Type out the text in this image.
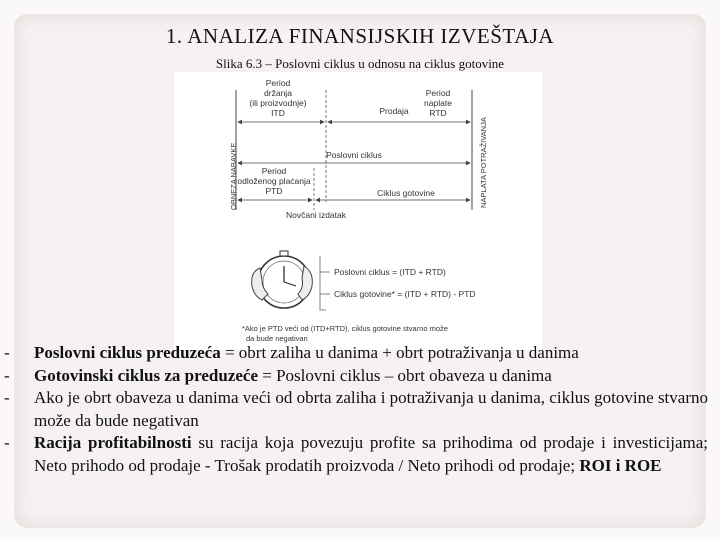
1. ANALIZA FINANSIJSKIH IZVEŠTAJA
Slika 6.3 – Poslovni ciklus u odnosu na ciklus gotovine
OBNEZA NABAVKE	NAPLATA POTRAŽIVANJA
Period
držanja
(ili proizvodnje)
ITD	Prodaja
Period
naplate
RTD
Poslovni ciklus
Period
odloženog plaćanja
PTD	Ciklus gotovine
Novčani izdatak
Poslovni ciklus = (ITD + RTD)
Ciklus gotovine* = (ITD + RTD) - PTD
*Ako je PTD veći od (ITD+RTD), ciklus gotovine stvarno može
da bude negativan
- Poslovni ciklus preduzeća = obrt zaliha u danima + obrt potraživanja u danima
- Gotovinski ciklus za preduzeće = Poslovni ciklus – obrt obaveza u danima
- Ako je obrt obaveza u danima veći od obrta zaliha i potraživanja u danima, ciklus gotovine stvarno može da bude negativan
- Racija profitabilnosti su racija koja povezuju profite sa prihodima od prodaje i investicijama; Neto prihodo od prodaje - Trošak prodatih proizvoda / Neto prihodi od prodaje; ROI i ROE
